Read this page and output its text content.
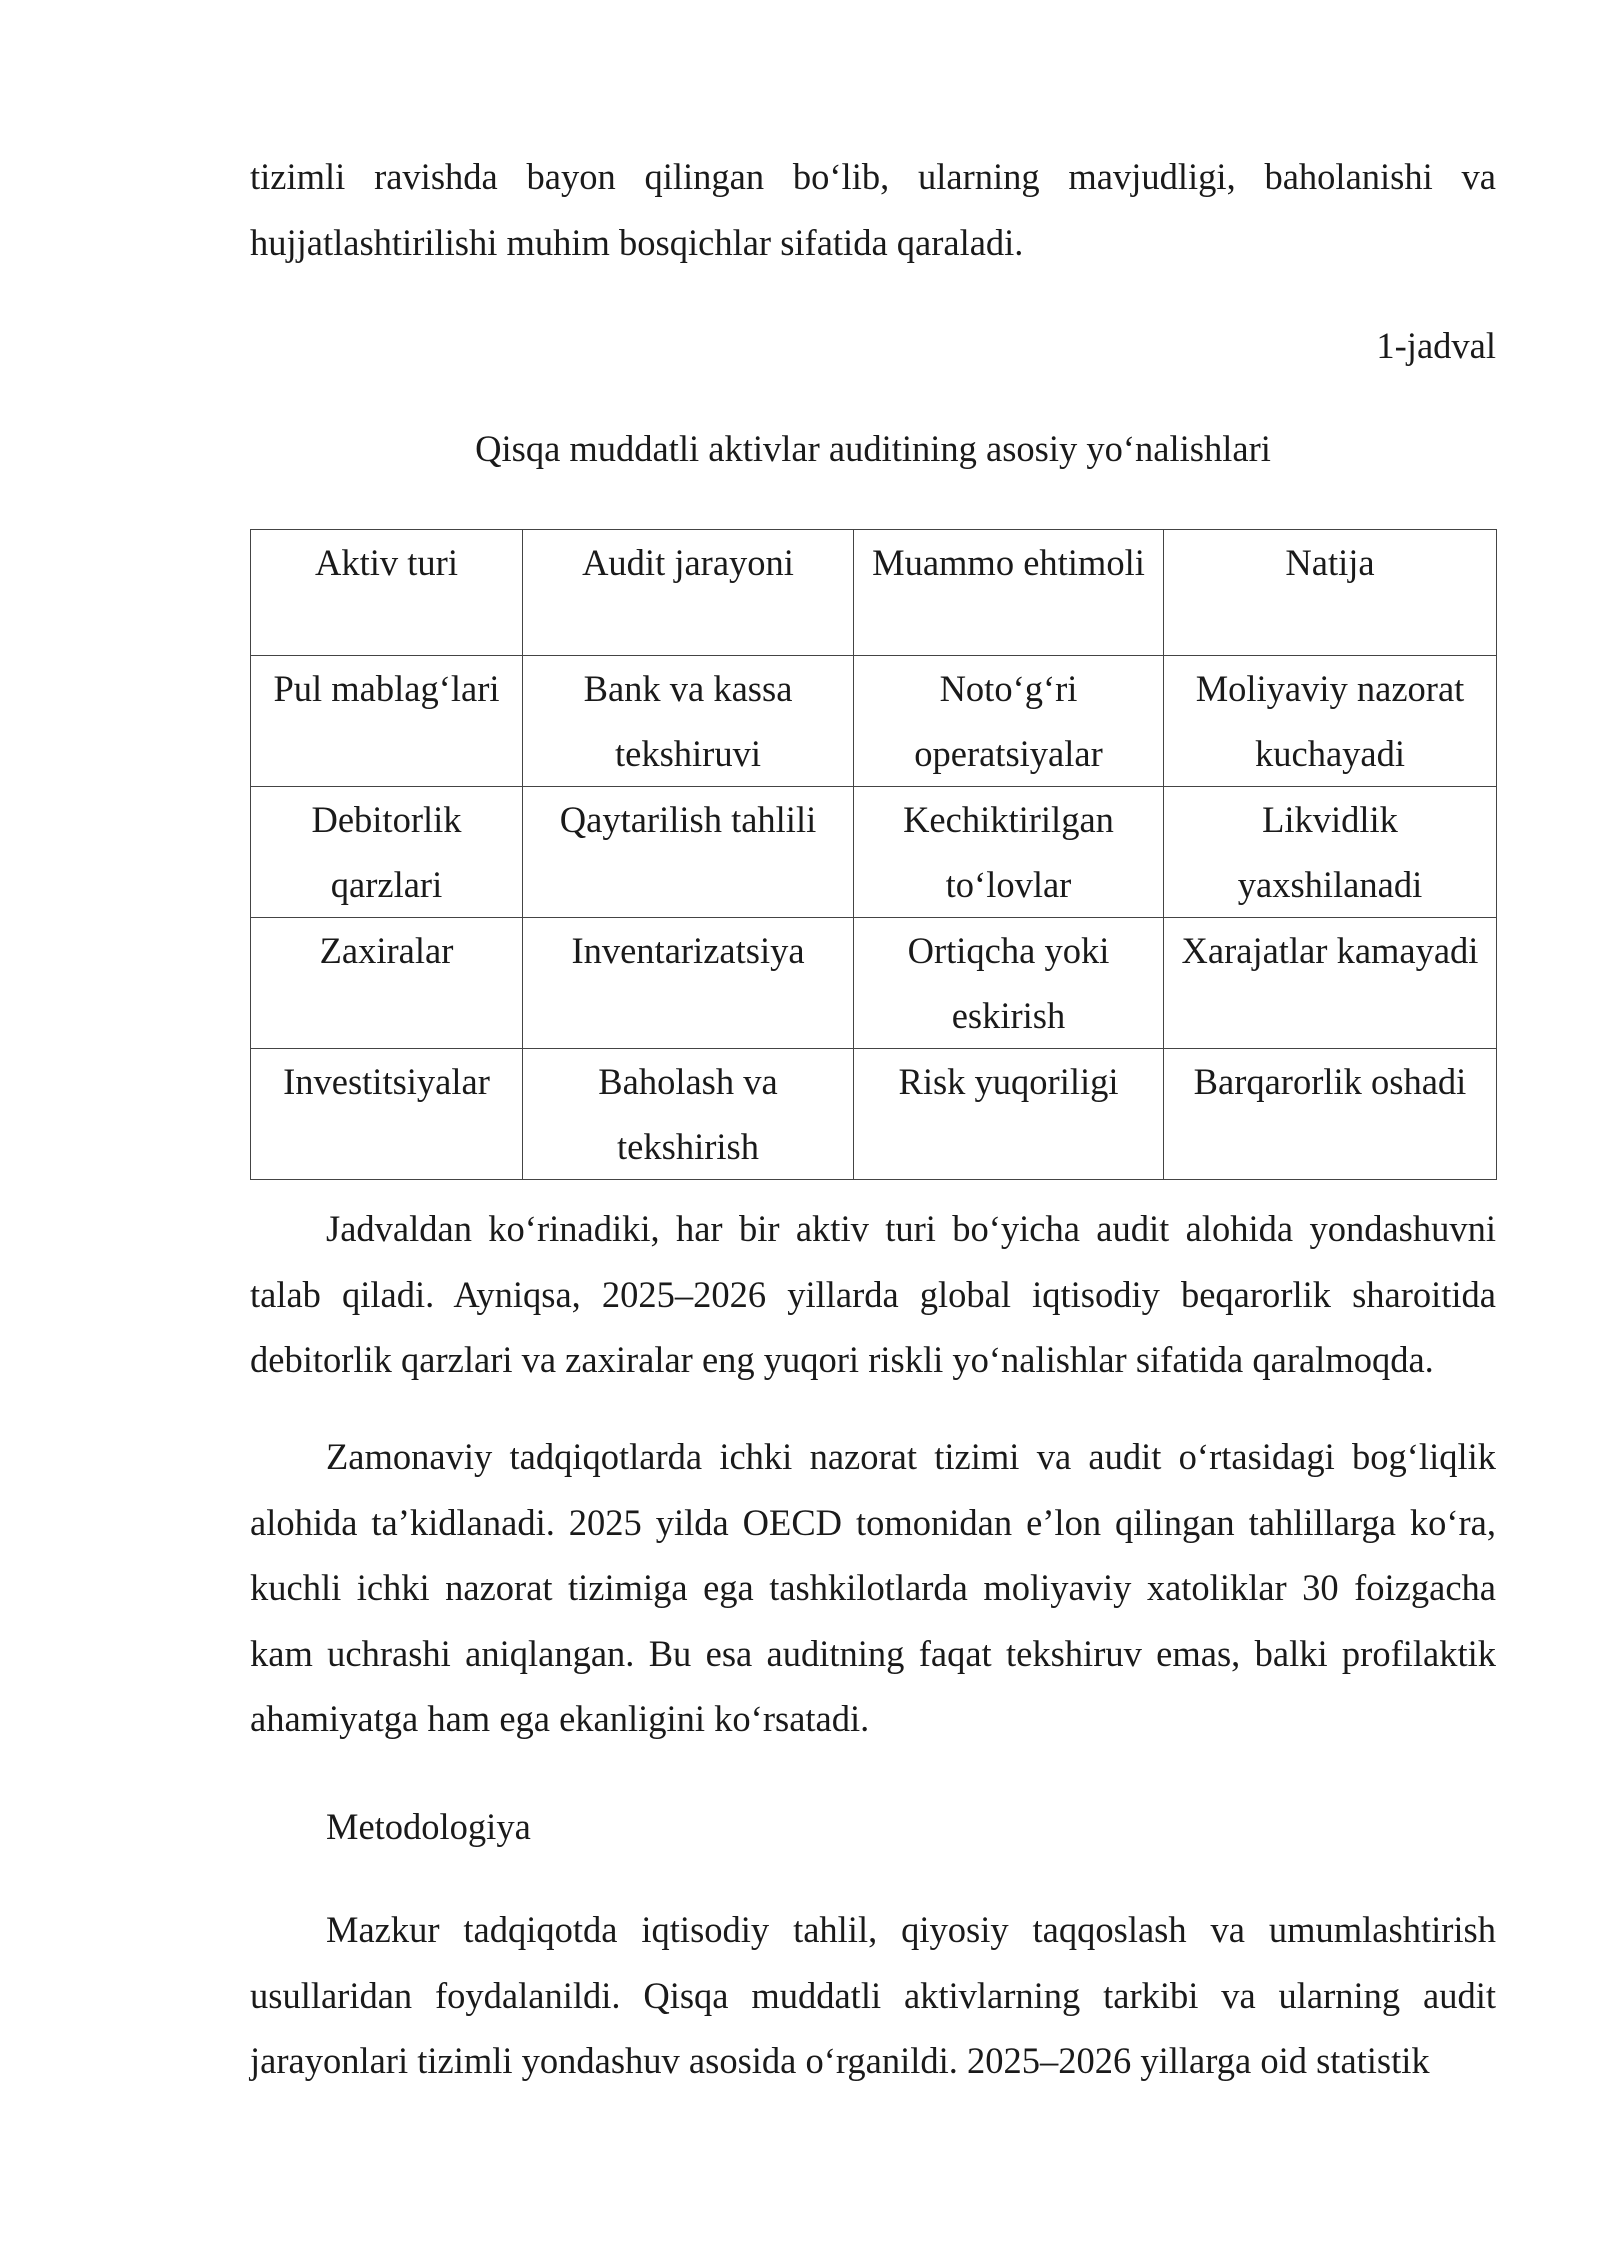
tizimli ravishda bayon qilingan bo‘lib, ularning mavjudligi, baholanishi va hujjatlashtirilishi muhim bosqichlar sifatida qaraladi.

1-jadval
Qisqa muddatli aktivlar auditining asosiy yo‘nalishlari
Aktiv turi	Audit jarayoni	Muammo ehtimoli	Natija
Pul mablag‘lari	Bank va kassa tekshiruvi	Noto‘g‘ri operatsiyalar	Moliyaviy nazorat kuchayadi
Debitorlik qarzlari	Qaytarilish tahlili	Kechiktirilgan to‘lovlar	Likvidlik yaxshilanadi
Zaxiralar	Inventarizatsiya	Ortiqcha yoki eskirish	Xarajatlar kamayadi
Investitsiyalar	Baholash va tekshirish	Risk yuqoriligi	Barqarorlik oshadi

Jadvaldan ko‘rinadiki, har bir aktiv turi bo‘yicha audit alohida yondashuvni talab qiladi. Ayniqsa, 2025–2026 yillarda global iqtisodiy beqarorlik sharoitida debitorlik qarzlari va zaxiralar eng yuqori riskli yo‘nalishlar sifatida qaralmoqda.

Zamonaviy tadqiqotlarda ichki nazorat tizimi va audit o‘rtasidagi bog‘liqlik alohida ta’kidlanadi. 2025 yilda OECD tomonidan e’lon qilingan tahlillarga ko‘ra, kuchli ichki nazorat tizimiga ega tashkilotlarda moliyaviy xatoliklar 30 foizgacha kam uchrashi aniqlangan. Bu esa auditning faqat tekshiruv emas, balki profilaktik ahamiyatga ham ega ekanligini ko‘rsatadi.

Metodologiya

Mazkur tadqiqotda iqtisodiy tahlil, qiyosiy taqqoslash va umumlashtirish usullaridan foydalanildi. Qisqa muddatli aktivlarning tarkibi va ularning audit jarayonlari tizimli yondashuv asosida o‘rganildi. 2025–2026 yillarga oid statistik
